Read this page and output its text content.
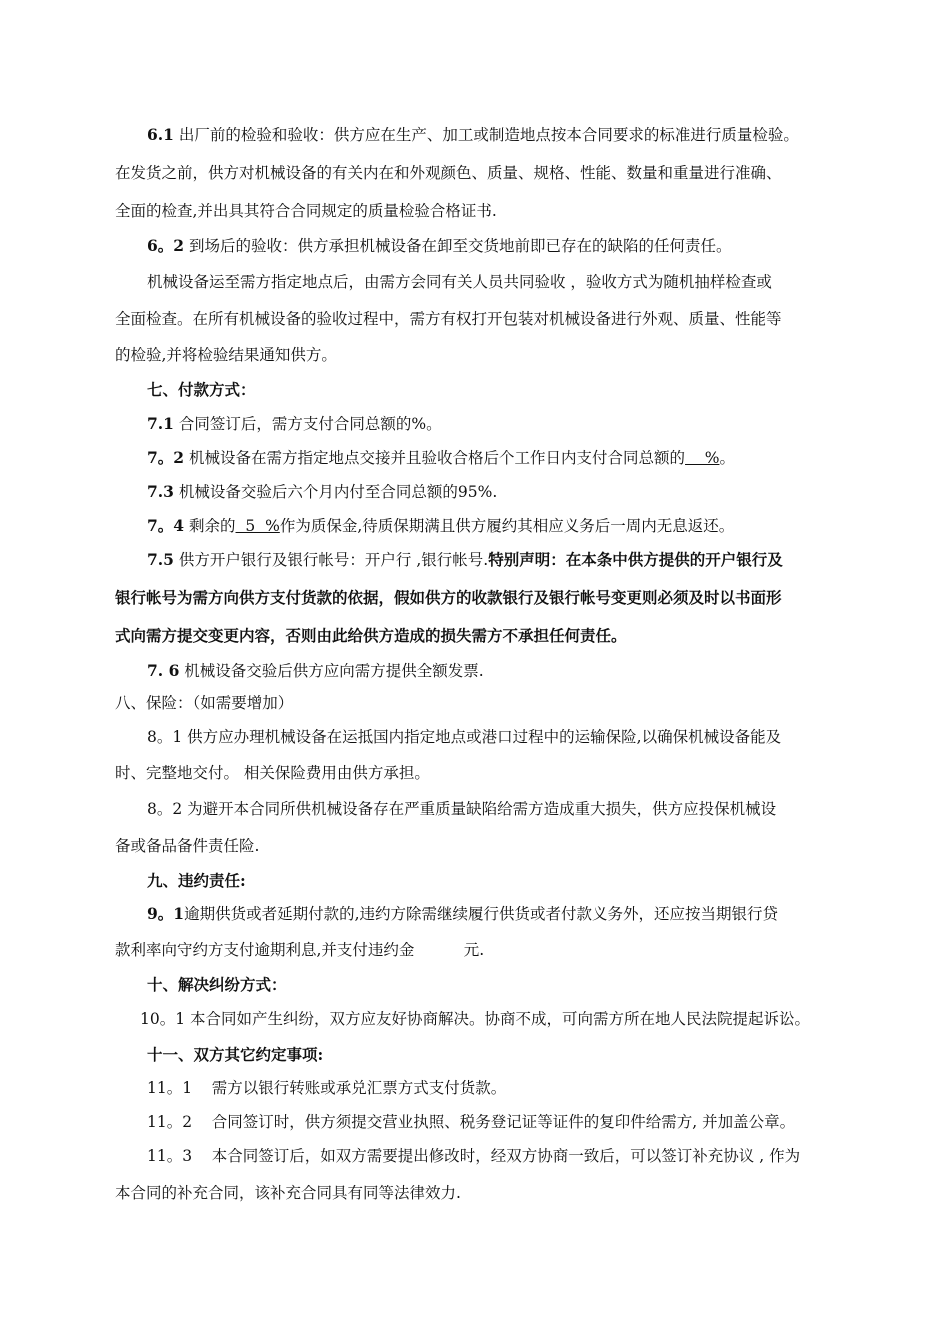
6.1 出厂前的检验和验收：供方应在生产、加工或制造地点按本合同要求的标准进行质量检验。
在发货之前，供方对机械设备的有关内在和外观颜色、质量、规格、性能、数量和重量进行准确、
全面的检查,并出具其符合合同规定的质量检验合格证书.
6。2 到场后的验收：供方承担机械设备在卸至交货地前即已存在的缺陷的任何责任。
机械设备运至需方指定地点后，由需方会同有关人员共同验收 ，验收方式为随机抽样检查或
全面检查。在所有机械设备的验收过程中，需方有权打开包装对机械设备进行外观、质量、性能等
的检验,并将检验结果通知供方。
七、付款方式：
7.1 合同签订后，需方支付合同总额的%。
7。2 机械设备在需方指定地点交接并且验收合格后个工作日内支付合同总额的    %。
7.3 机械设备交验后六个月内付至合同总额的95%.
7。4 剩余的  5  %作为质保金,待质保期满且供方履约其相应义务后一周内无息返还。
7.5 供方开户银行及银行帐号：开户行 ,银行帐号.特别声明：在本条中供方提供的开户银行及
银行帐号为需方向供方支付货款的依据，假如供方的收款银行及银行帐号变更则必须及时以书面形
式向需方提交变更内容，否则由此给供方造成的损失需方不承担任何责任。
7. 6 机械设备交验后供方应向需方提供全额发票.
八、保险：（如需要增加）
8。1 供方应办理机械设备在运抵国内指定地点或港口过程中的运输保险,以确保机械设备能及
时、完整地交付。 相关保险费用由供方承担。
8。2 为避开本合同所供机械设备存在严重质量缺陷给需方造成重大损失，供方应投保机械设
备或备品备件责任险.
九、违约责任:
9。1逾期供货或者延期付款的,违约方除需继续履行供货或者付款义务外，还应按当期银行贷
款利率向守约方支付逾期利息,并支付违约金          元.
十、解决纠纷方式：
10。1 本合同如产生纠纷，双方应友好协商解决。协商不成，可向需方所在地人民法院提起诉讼。
十一、双方其它约定事项:
11。1    需方以银行转账或承兑汇票方式支付货款。
11。2    合同签订时，供方须提交营业执照、税务登记证等证件的复印件给需方, 并加盖公章。
11。3    本合同签订后，如双方需要提出修改时，经双方协商一致后，可以签订补充协议 , 作为
本合同的补充合同，该补充合同具有同等法律效力.
